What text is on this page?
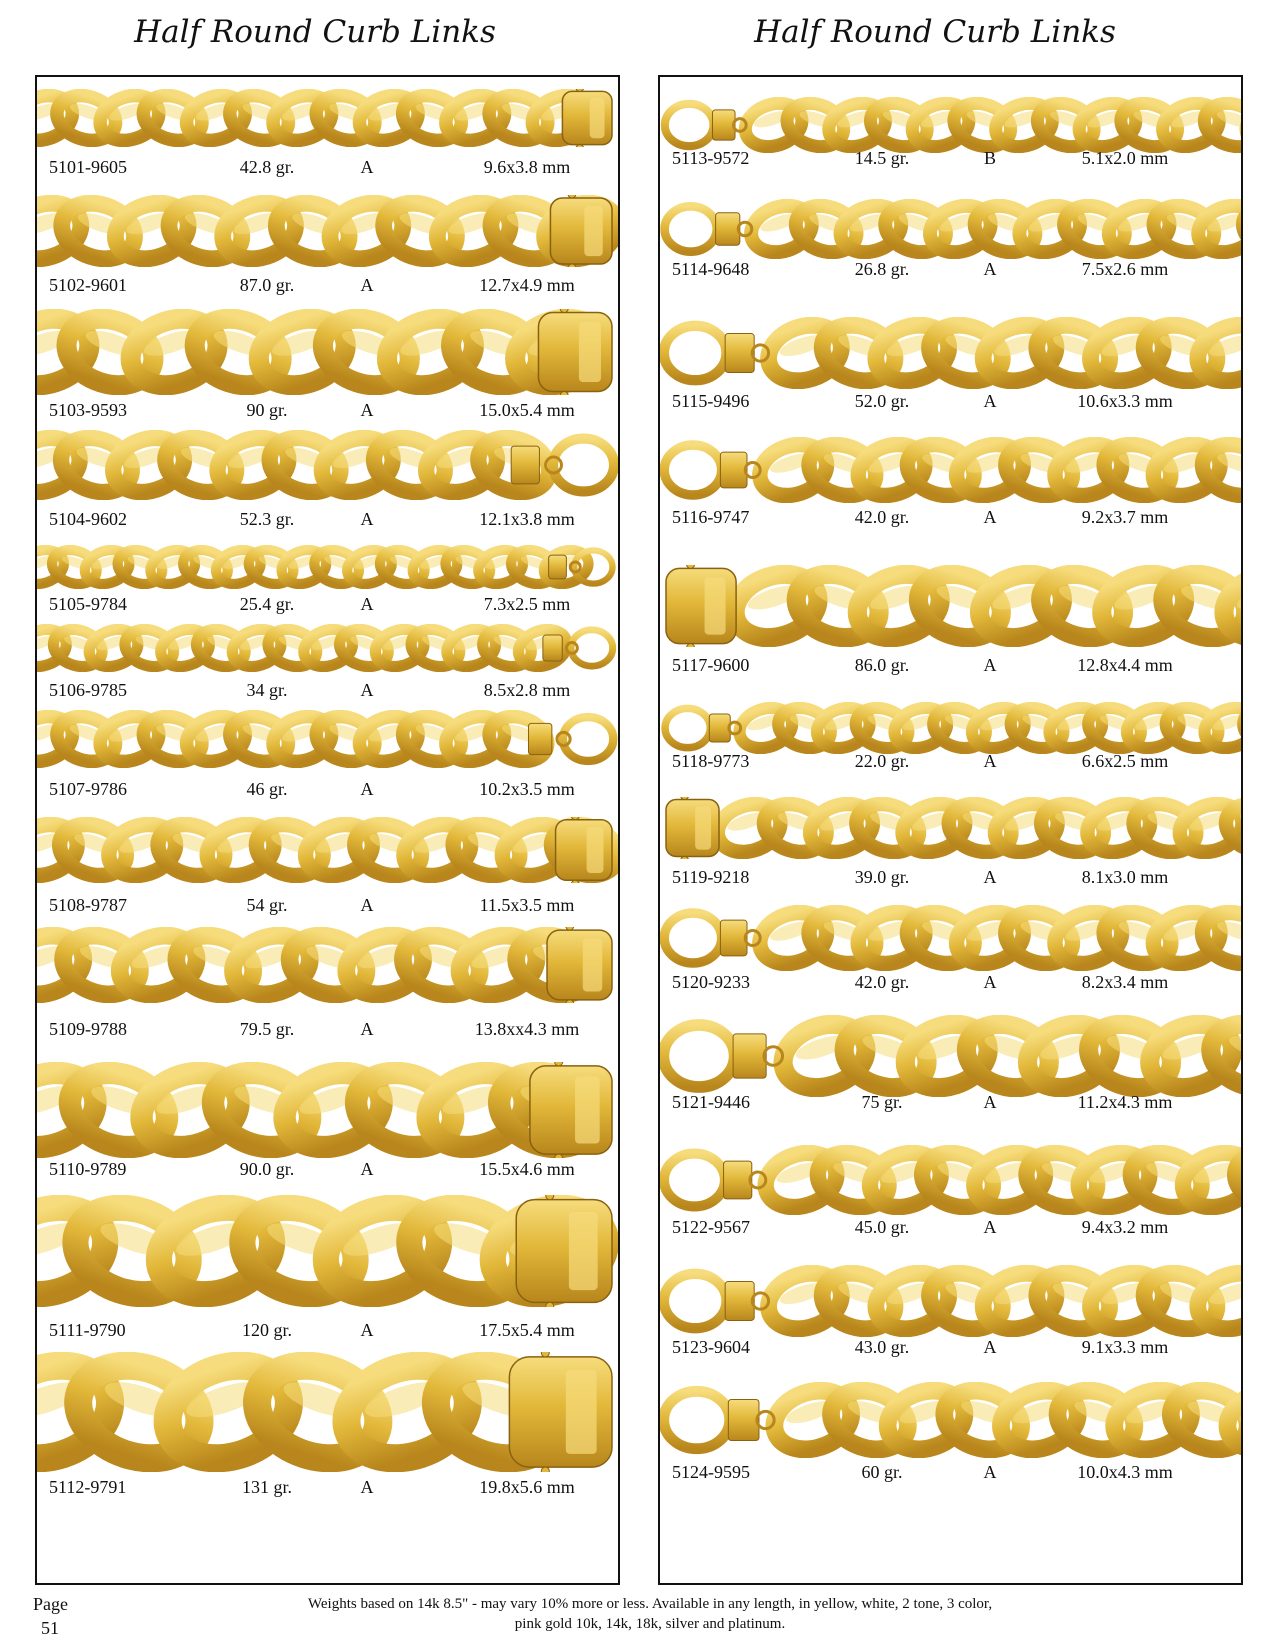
Half Round Curb Links	Half Round Curb Links
5101-9605	42.8 gr.	A	9.6x3.8 mm
5102-9601	87.0 gr.	A	12.7x4.9 mm
5103-9593	90 gr.	A	15.0x5.4 mm
5104-9602	52.3 gr.	A	12.1x3.8 mm
5105-9784	25.4 gr.	A	7.3x2.5 mm
5106-9785	34 gr.	A	8.5x2.8 mm
5107-9786	46 gr.	A	10.2x3.5 mm
5108-9787	54 gr.	A	11.5x3.5 mm
5109-9788	79.5 gr.	A	13.8xx4.3 mm
5110-9789	90.0 gr.	A	15.5x4.6 mm
5111-9790	120 gr.	A	17.5x5.4 mm
5112-9791	131 gr.	A	19.8x5.6 mm
5113-9572	14.5 gr.	B	5.1x2.0 mm
5114-9648	26.8 gr.	A	7.5x2.6 mm
5115-9496	52.0 gr.	A	10.6x3.3 mm
5116-9747	42.0 gr.	A	9.2x3.7 mm
5117-9600	86.0 gr.	A	12.8x4.4 mm
5118-9773	22.0 gr.	A	6.6x2.5 mm
5119-9218	39.0 gr.	A	8.1x3.0 mm
5120-9233	42.0 gr.	A	8.2x3.4 mm
5121-9446	75 gr.	A	11.2x4.3 mm
5122-9567	45.0 gr.	A	9.4x3.2 mm
5123-9604	43.0 gr.	A	9.1x3.3 mm
5124-9595	60 gr.	A	10.0x4.3 mm
Page
51
Weights based on 14k 8.5" - may vary 10% more or less. Available in any length, in yellow, white, 2 tone, 3 color,
pink gold 10k, 14k, 18k, silver and platinum.
